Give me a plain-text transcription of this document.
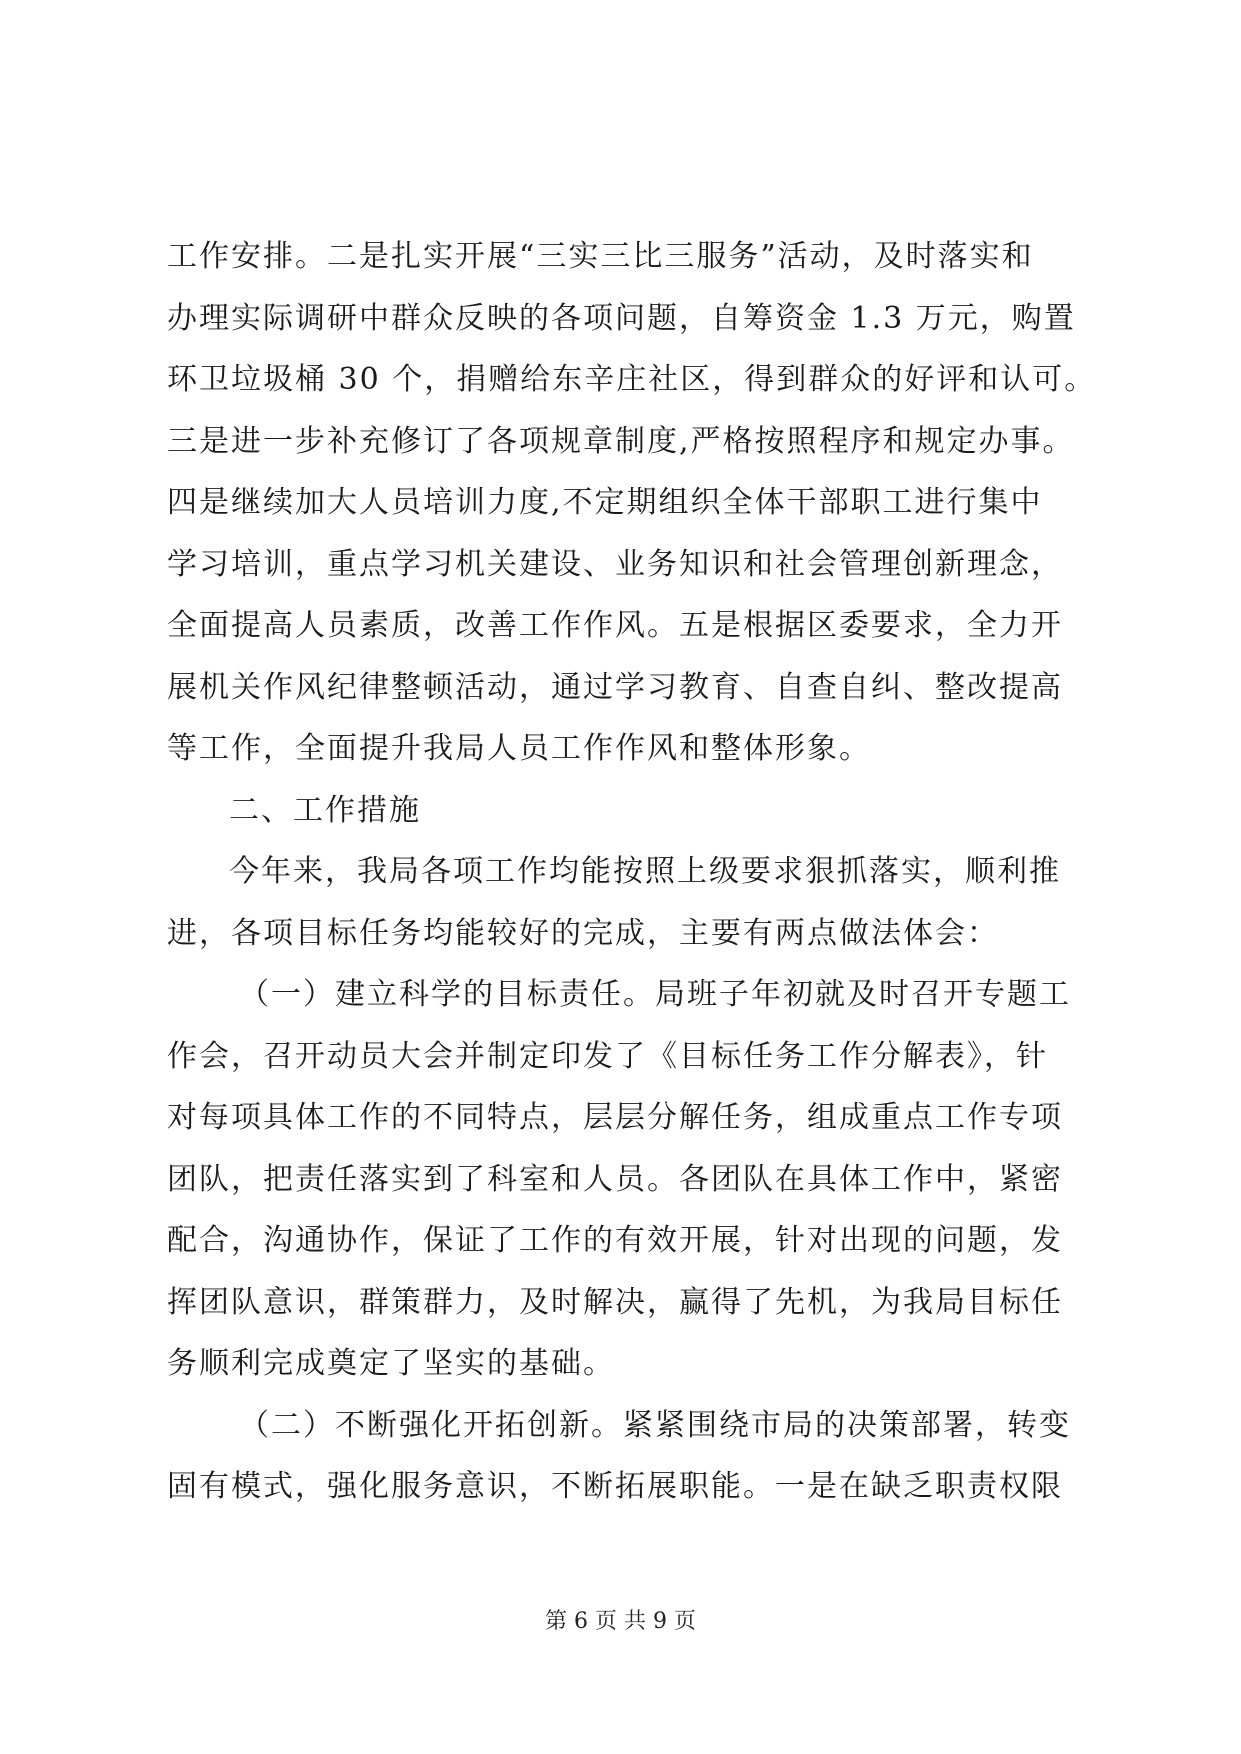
工作安排。二是扎实开展“三实三比三服务”活动，及时落实和
办理实际调研中群众反映的各项问题，自筹资金 1.3 万元，购置
环卫垃圾桶 30 个，捐赠给东辛庄社区，得到群众的好评和认可。
三是进一步补充修订了各项规章制度,严格按照程序和规定办事。
四是继续加大人员培训力度,不定期组织全体干部职工进行集中
学习培训，重点学习机关建设、业务知识和社会管理创新理念，
全面提高人员素质，改善工作作风。五是根据区委要求，全力开
展机关作风纪律整顿活动，通过学习教育、自查自纠、整改提高
等工作，全面提升我局人员工作作风和整体形象。
二、工作措施
今年来，我局各项工作均能按照上级要求狠抓落实，顺利推
进，各项目标任务均能较好的完成，主要有两点做法体会：
（一）建立科学的目标责任。局班子年初就及时召开专题工
作会，召开动员大会并制定印发了《目标任务工作分解表》，针
对每项具体工作的不同特点，层层分解任务，组成重点工作专项
团队，把责任落实到了科室和人员。各团队在具体工作中，紧密
配合，沟通协作，保证了工作的有效开展，针对出现的问题，发
挥团队意识，群策群力，及时解决，赢得了先机，为我局目标任
务顺利完成奠定了坚实的基础。
（二）不断强化开拓创新。紧紧围绕市局的决策部署，转变
固有模式，强化服务意识，不断拓展职能。一是在缺乏职责权限
第 6 页 共 9 页
